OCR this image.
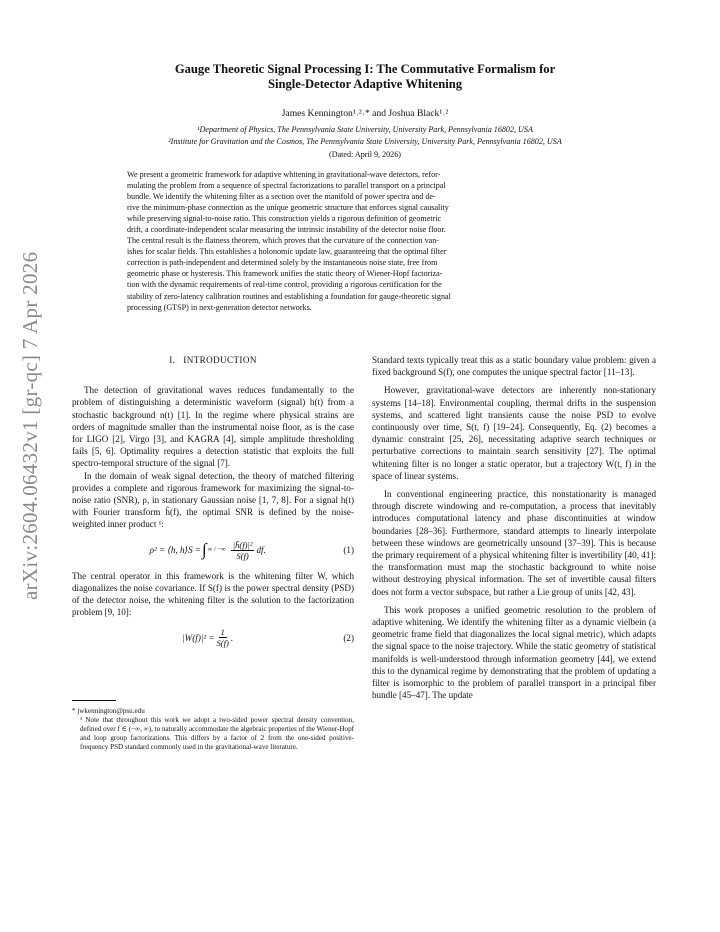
arXiv:2604.06432v1 [gr-qc] 7 Apr 2026
Gauge Theoretic Signal Processing I: The Commutative Formalism for
Single-Detector Adaptive Whitening
James Kennington¹˒²˒* and Joshua Black¹˒²
¹Department of Physics, The Pennsylvania State University, University Park, Pennsylvania 16802, USA
²Institute for Gravitation and the Cosmos, The Pennsylvania State University, University Park, Pennsylvania 16802, USA
(Dated: April 9, 2026)
We present a geometric framework for adaptive whitening in gravitational-wave detectors, refor-
mulating the problem from a sequence of spectral factorizations to parallel transport on a principal
bundle. We identify the whitening filter as a section over the manifold of power spectra and de-
rive the minimum-phase connection as the unique geometric structure that enforces signal causality
while preserving signal-to-noise ratio. This construction yields a rigorous definition of geometric
drift, a coordinate-independent scalar measuring the intrinsic instability of the detector noise floor.
The central result is the flatness theorem, which proves that the curvature of the connection van-
ishes for scalar fields. This establishes a holonomic update law, guaranteeing that the optimal filter
correction is path-independent and determined solely by the instantaneous noise state, free from
geometric phase or hysteresis. This framework unifies the static theory of Wiener-Hopf factoriza-
tion with the dynamic requirements of real-time control, providing a rigorous certification for the
stability of zero-latency calibration routines and establishing a foundation for gauge-theoretic signal
processing (GTSP) in next-generation detector networks.
I. INTRODUCTION

The detection of gravitational waves reduces fundamentally to the problem of distinguishing a deterministic waveform (signal) h(t) from a stochastic background n(t) [1]. In the regime where physical strains are orders of magnitude smaller than the instrumental noise floor, as is the case for LIGO [2], Virgo [3], and KAGRA [4], simple amplitude thresholding fails [5, 6]. Optimality requires a detection statistic that exploits the full spectro-temporal structure of the signal [7].

In the domain of weak signal detection, the theory of matched filtering provides a complete and rigorous framework for maximizing the signal-to-noise ratio (SNR), ρ, in stationary Gaussian noise [1, 7, 8]. For a signal h(t) with Fourier transform h̃(f), the optimal SNR is defined by the noise-weighted inner product ¹:

ρ² = ⟨h, h⟩S = ∫ ∞ / −∞ $\frac{\text{|h̃(f)|²}}{S(f)}$ df.	(1)

The central operator in this framework is the whitening filter W, which diagonalizes the noise covariance. If S(f) is the power spectral density (PSD) of the detector noise, the whitening filter is the solution to the factorization problem [9, 10]:

$|W(f)|^2 = \frac{1}{S(f)}$ .	(2)

* jwkennington@psu.edu

¹ Note that throughout this work we adopt a two-sided power spectral density convention, defined over f ∈ (−∞, ∞), to naturally accommodate the algebraic properties of the Wiener-Hopf and loop group factorizations. This differs by a factor of 2 from the one-sided positive-frequency PSD standard commonly used in the gravitational-wave literature.

Standard texts typically treat this as a static boundary value problem: given a fixed background S(f), one computes the unique spectral factor [11–13].

However, gravitational-wave detectors are inherently non-stationary systems [14–18]. Environmental coupling, thermal drifts in the suspension systems, and scattered light transients cause the noise PSD to evolve continuously over time, S(t, f) [19–24]. Consequently, Eq. (2) becomes a dynamic constraint [25, 26], necessitating adaptive search techniques or perturbative corrections to maintain search sensitivity [27]. The optimal whitening filter is no longer a static operator, but a trajectory W(t, f) in the space of linear systems.

In conventional engineering practice, this nonstationarity is managed through discrete windowing and re-computation, a process that inevitably introduces computational latency and phase discontinuities at window boundaries [28–36]. Furthermore, standard attempts to linearly interpolate between these windows are geometrically unsound [37–39]. This is because the primary requirement of a physical whitening filter is invertibility [40, 41]: the transformation must map the stochastic background to white noise without destroying physical information. The set of invertible causal filters does not form a vector subspace, but rather a Lie group of units [42, 43].

This work proposes a unified geometric resolution to the problem of adaptive whitening. We identify the whitening filter as a dynamic vielbein (a geometric frame field that diagonalizes the local signal metric), which adapts the signal space to the noise trajectory. While the static geometry of statistical manifolds is well-understood through information geometry [44], we extend this to the dynamical regime by demonstrating that the problem of updating a filter is isomorphic to the problem of parallel transport in a principal fiber bundle [45–47]. The update
